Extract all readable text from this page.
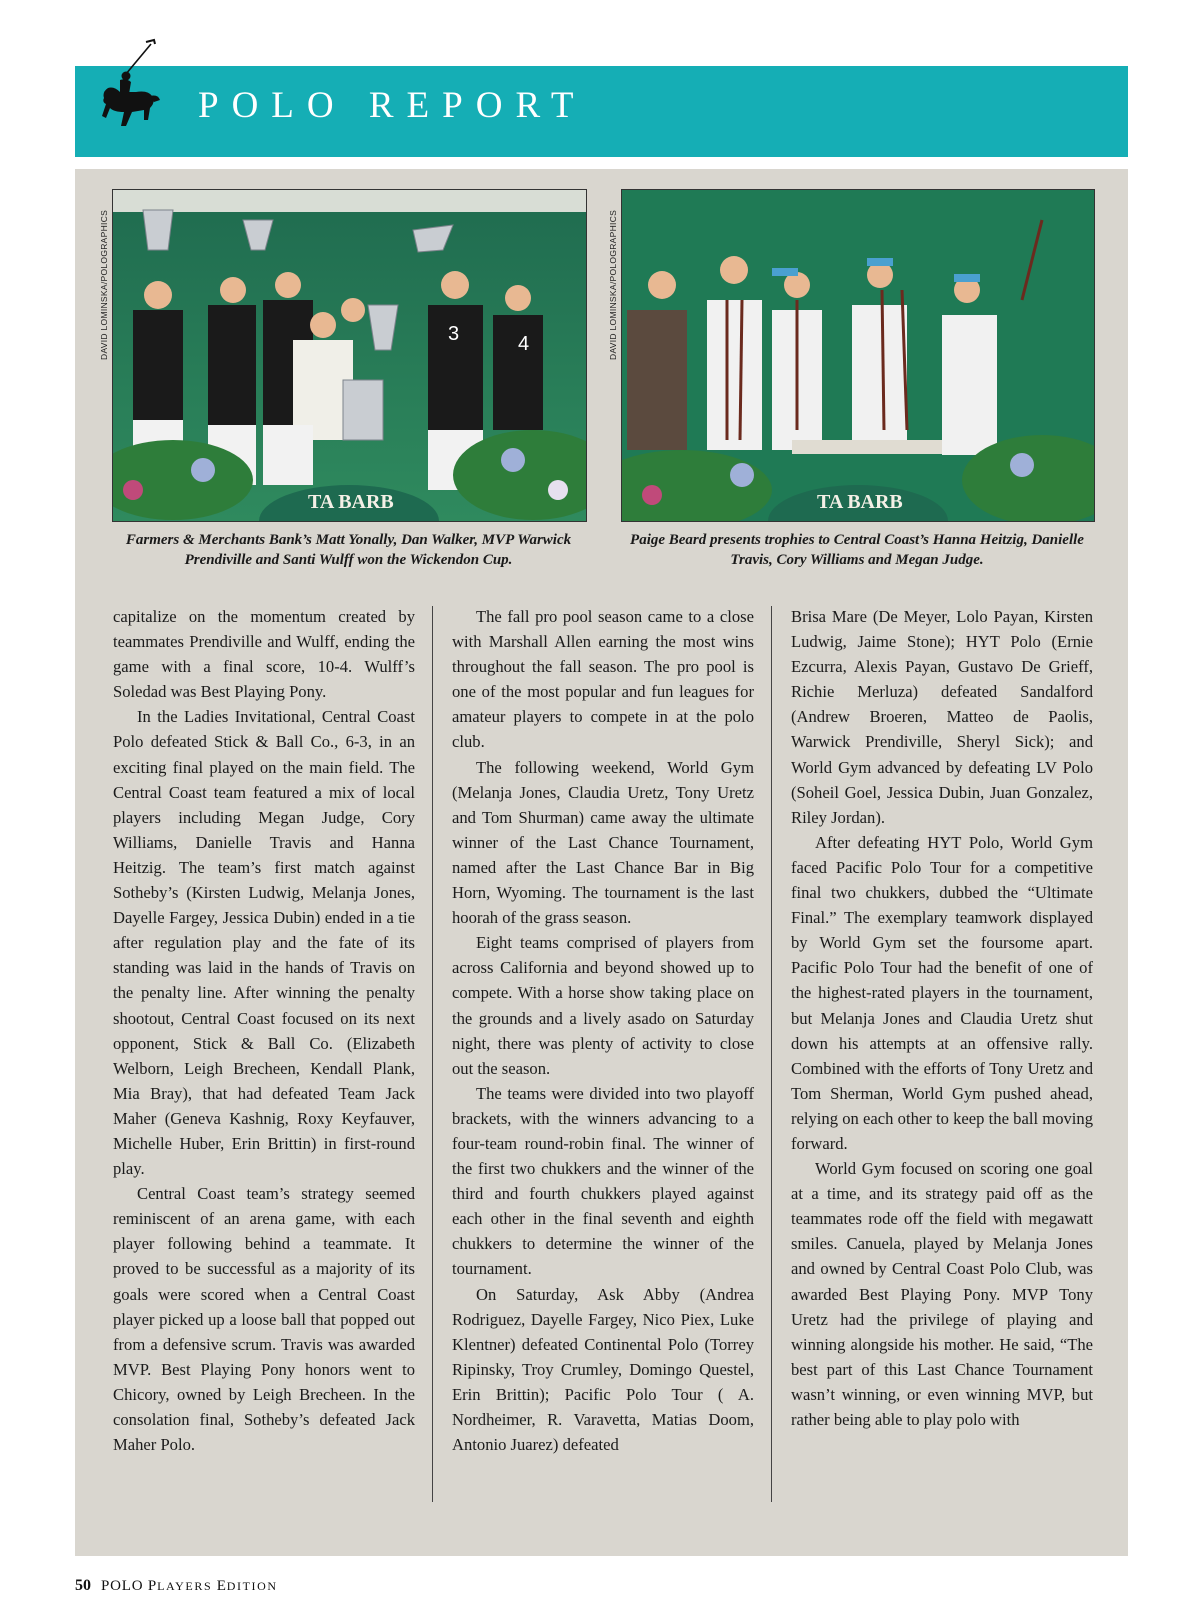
POLO REPORT
DAVID LOMINSKA/POLOGRAPHICS	DAVID LOMINSKA/POLOGRAPHICS
3	4
TA BARB	TA BARB
Farmers & Merchants Bank’s Matt Yonally, Dan Walker, MVP Warwick Prendiville and Santi Wulff won the Wickendon Cup.
Paige Beard presents trophies to Central Coast’s Hanna Heitzig, Danielle Travis, Cory Williams and Megan Judge.

capitalize on the momentum created by teammates Prendiville and Wulff, ending the game with a final score, 10-4. Wulff’s Soledad was Best Playing Pony.

In the Ladies Invitational, Central Coast Polo defeated Stick & Ball Co., 6-3, in an exciting final played on the main field. The Central Coast team featured a mix of local players including Megan Judge, Cory Williams, Danielle Travis and Hanna Heitzig. The team’s first match against Sotheby’s (Kirsten Ludwig, Melanja Jones, Dayelle Fargey, Jessica Dubin) ended in a tie after regulation play and the fate of its standing was laid in the hands of Travis on the penalty line. After winning the penalty shootout, Central Coast focused on its next opponent, Stick & Ball Co. (Elizabeth Welborn, Leigh Brecheen, Kendall Plank, Mia Bray), that had defeated Team Jack Maher (Geneva Kashnig, Roxy Keyfauver, Michelle Huber, Erin Brittin) in first-round play.

Central Coast team’s strategy seemed reminiscent of an arena game, with each player following behind a teammate. It proved to be successful as a majority of its goals were scored when a Central Coast player picked up a loose ball that popped out from a defensive scrum. Travis was awarded MVP. Best Playing Pony honors went to Chicory, owned by Leigh Brecheen. In the consolation final, Sotheby’s defeated Jack Maher Polo.

The fall pro pool season came to a close with Marshall Allen earning the most wins throughout the fall season. The pro pool is one of the most popular and fun leagues for amateur players to compete in at the polo club.

The following weekend, World Gym (Melanja Jones, Claudia Uretz, Tony Uretz and Tom Shurman) came away the ultimate winner of the Last Chance Tournament, named after the Last Chance Bar in Big Horn, Wyoming. The tournament is the last hoorah of the grass season.

Eight teams comprised of players from across California and beyond showed up to compete. With a horse show taking place on the grounds and a lively asado on Saturday night, there was plenty of activity to close out the season.

The teams were divided into two playoff brackets, with the winners advancing to a four-team round-robin final. The winner of the first two chukkers and the winner of the third and fourth chukkers played against each other in the final seventh and eighth chukkers to determine the winner of the tournament.

On Saturday, Ask Abby (Andrea Rodriguez, Dayelle Fargey, Nico Piex, Luke Klentner) defeated Continental Polo (Torrey Ripinsky, Troy Crumley, Domingo Questel, Erin Brittin); Pacific Polo Tour ( A. Nordheimer, R. Varavetta, Matias Doom, Antonio Juarez) defeated

Brisa Mare (De Meyer, Lolo Payan, Kirsten Ludwig, Jaime Stone); HYT Polo (Ernie Ezcurra, Alexis Payan, Gustavo De Grieff, Richie Merluza) defeated Sandalford (Andrew Broeren, Matteo de Paolis, Warwick Prendiville, Sheryl Sick); and World Gym advanced by defeating LV Polo (Soheil Goel, Jessica Dubin, Juan Gonzalez, Riley Jordan).

After defeating HYT Polo, World Gym faced Pacific Polo Tour for a competitive final two chukkers, dubbed the “Ultimate Final.” The exemplary teamwork displayed by World Gym set the foursome apart. Pacific Polo Tour had the benefit of one of the highest-rated players in the tournament, but Melanja Jones and Claudia Uretz shut down his attempts at an offensive rally. Combined with the efforts of Tony Uretz and Tom Sherman, World Gym pushed ahead, relying on each other to keep the ball moving forward.

World Gym focused on scoring one goal at a time, and its strategy paid off as the teammates rode off the field with megawatt smiles. Canuela, played by Melanja Jones and owned by Central Coast Polo Club, was awarded Best Playing Pony. MVP Tony Uretz had the privilege of playing and winning alongside his mother. He said, “The best part of this Last Chance Tournament wasn’t winning, or even winning MVP, but rather being able to play polo with

50 POLO PLAYERS EDITION
